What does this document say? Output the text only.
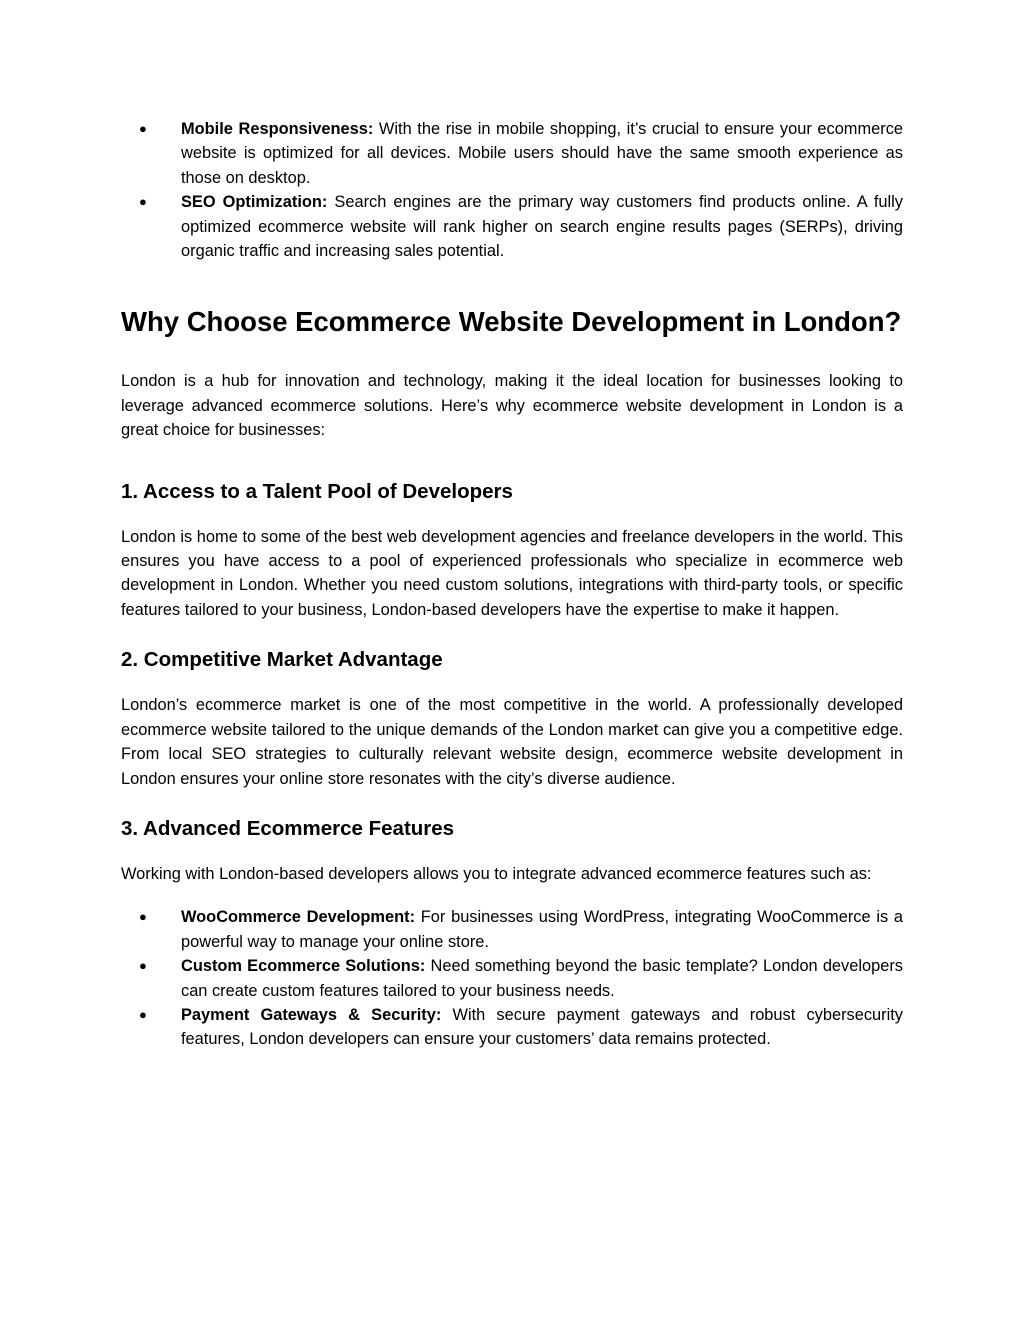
● Mobile Responsiveness: With the rise in mobile shopping, it’s crucial to ensure your ecommerce website is optimized for all devices. Mobile users should have the same smooth experience as those on desktop.
● SEO Optimization: Search engines are the primary way customers find products online. A fully optimized ecommerce website will rank higher on search engine results pages (SERPs), driving organic traffic and increasing sales potential.
Why Choose Ecommerce Website Development in London?

London is a hub for innovation and technology, making it the ideal location for businesses looking to leverage advanced ecommerce solutions. Here’s why ecommerce website development in London is a great choice for businesses:

1. Access to a Talent Pool of Developers

London is home to some of the best web development agencies and freelance developers in the world. This ensures you have access to a pool of experienced professionals who specialize in ecommerce web development in London. Whether you need custom solutions, integrations with third-party tools, or specific features tailored to your business, London-based developers have the expertise to make it happen.

2. Competitive Market Advantage

London’s ecommerce market is one of the most competitive in the world. A professionally developed ecommerce website tailored to the unique demands of the London market can give you a competitive edge. From local SEO strategies to culturally relevant website design, ecommerce website development in London ensures your online store resonates with the city’s diverse audience.

3. Advanced Ecommerce Features

Working with London-based developers allows you to integrate advanced ecommerce features such as:

● WooCommerce Development: For businesses using WordPress, integrating WooCommerce is a powerful way to manage your online store.
● Custom Ecommerce Solutions: Need something beyond the basic template? London developers can create custom features tailored to your business needs.
● Payment Gateways & Security: With secure payment gateways and robust cybersecurity features, London developers can ensure your customers’ data remains protected.
